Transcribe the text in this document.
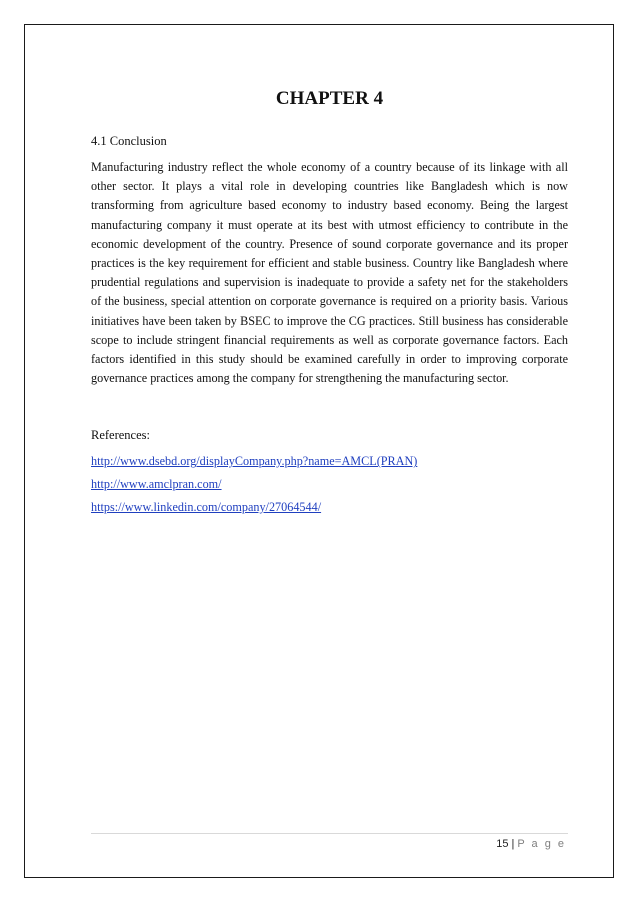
CHAPTER 4
4.1 Conclusion

Manufacturing industry reflect the whole economy of a country because of its linkage with all other sector. It plays a vital role in developing countries like Bangladesh which is now transforming from agriculture based economy to industry based economy. Being the largest manufacturing company it must operate at its best with utmost efficiency to contribute in the economic development of the country. Presence of sound corporate governance and its proper practices is the key requirement for efficient and stable business. Country like Bangladesh where prudential regulations and supervision is inadequate to provide a safety net for the stakeholders of the business, special attention on corporate governance is required on a priority basis. Various initiatives have been taken by BSEC to improve the CG practices. Still business has considerable scope to include stringent financial requirements as well as corporate governance factors. Each factors identified in this study should be examined carefully in order to improving corporate governance practices among the company for strengthening the manufacturing sector.

References:
http://www.dsebd.org/displayCompany.php?name=AMCL(PRAN)
http://www.amclpran.com/
https://www.linkedin.com/company/27064544/
15 | P a g e
